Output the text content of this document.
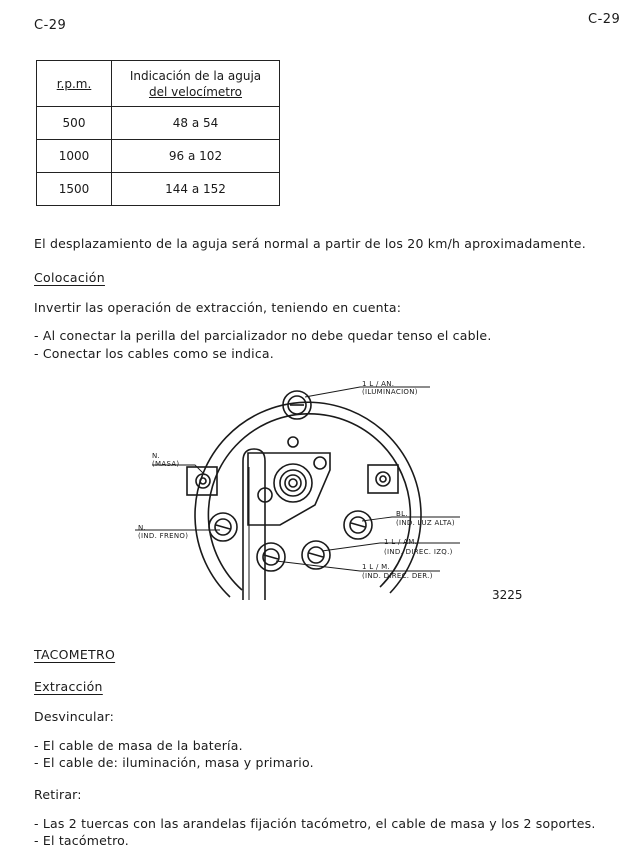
C-29	C-29
r.p.m.	Indicación de la aguja
del velocímetro

500	48 a 54
1000	96 a 102
1500	144 a 152
El desplazamiento de la aguja será normal a partir de los 20 km/h aproximadamente.
Colocación
Invertir las operación de extracción, teniendo en cuenta:
- Al conectar la perilla del parcializador no debe quedar tenso el cable.
- Conectar los cables como se indica.
1 L / AN.
(ILUMINACION)
N.
(MASA)
N.
(IND. FRENO)
BL.
(IND. LUZ ALTA)
1 L / AM.
(IND. DIREC. IZQ.)
1 L / M.
(IND. DIREC. DER.)
3225
TACOMETRO
Extracción
Desvincular:
- El cable de masa de la batería.
- El cable de: iluminación, masa y primario.
Retirar:
- Las 2 tuercas con las arandelas fijación tacómetro, el cable de masa y los 2 soportes.
- El tacómetro.
